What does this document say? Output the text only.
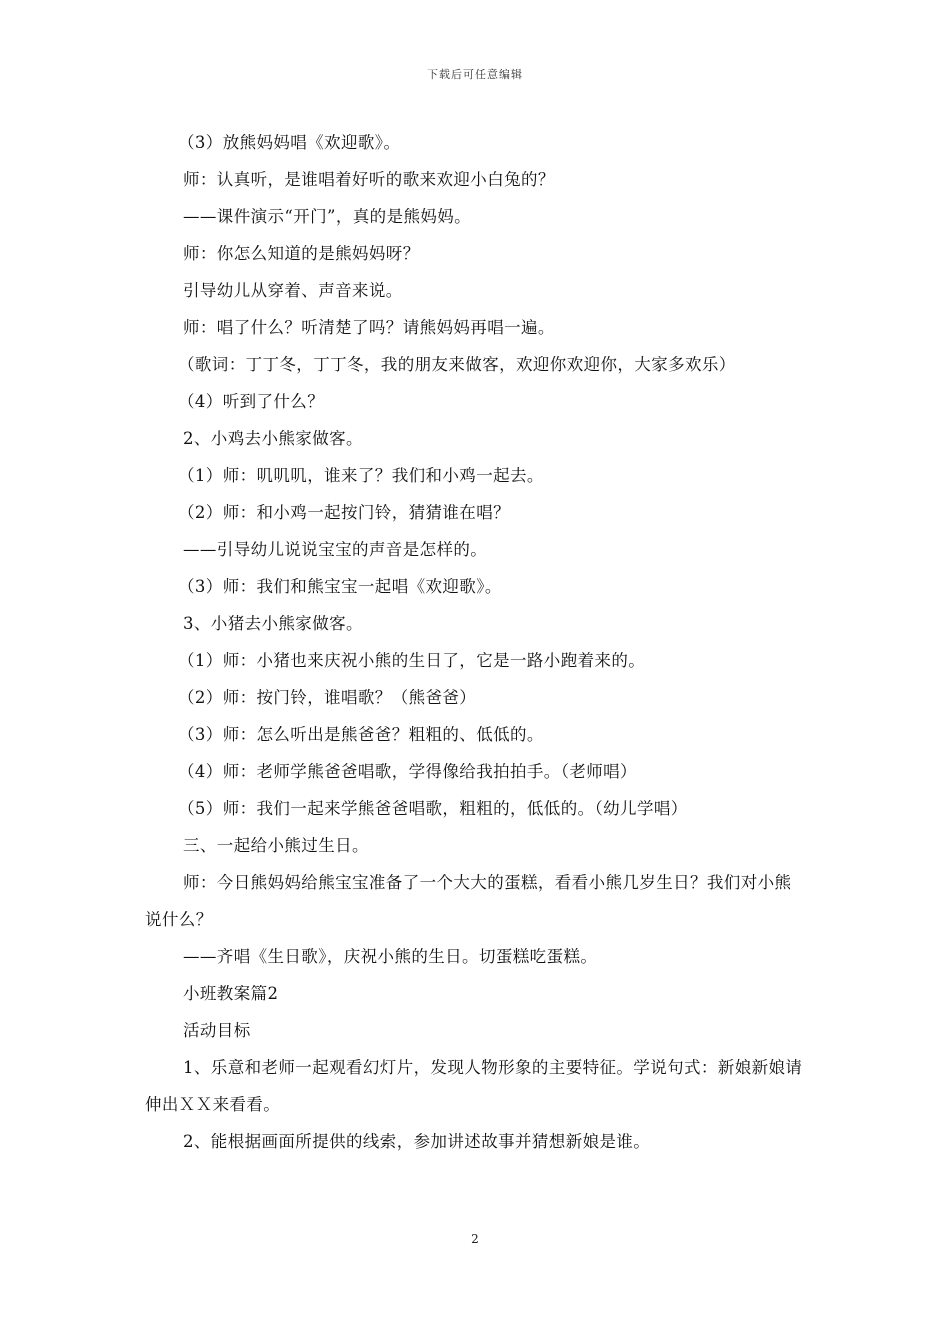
下载后可任意编辑

（3）放熊妈妈唱《欢迎歌》。

师：认真听，是谁唱着好听的歌来欢迎小白兔的？

——课件演示“开门”，真的是熊妈妈。

师：你怎么知道的是熊妈妈呀？

引导幼儿从穿着、声音来说。

师：唱了什么？听清楚了吗？请熊妈妈再唱一遍。

（歌词：丁丁冬，丁丁冬，我的朋友来做客，欢迎你欢迎你，大家多欢乐）

（4）听到了什么？

2、小鸡去小熊家做客。

（1）师：叽叽叽，谁来了？我们和小鸡一起去。

（2）师：和小鸡一起按门铃，猜猜谁在唱？

——引导幼儿说说宝宝的声音是怎样的。

（3）师：我们和熊宝宝一起唱《欢迎歌》。

3、小猪去小熊家做客。

（1）师：小猪也来庆祝小熊的生日了，它是一路小跑着来的。

（2）师：按门铃，谁唱歌？（熊爸爸）

（3）师：怎么听出是熊爸爸？粗粗的、低低的。

（4）师：老师学熊爸爸唱歌，学得像给我拍拍手。（老师唱）

（5）师：我们一起来学熊爸爸唱歌，粗粗的，低低的。（幼儿学唱）

三、一起给小熊过生日。

师：今日熊妈妈给熊宝宝准备了一个大大的蛋糕，看看小熊几岁生日？我们对小熊说什么？

——齐唱《生日歌》，庆祝小熊的生日。切蛋糕吃蛋糕。

小班教案篇2

活动目标

1、乐意和老师一起观看幻灯片，发现人物形象的主要特征。学说句式：新娘新娘请伸出ＸＸ来看看。

2、能根据画面所提供的线索，参加讲述故事并猜想新娘是谁。

2
